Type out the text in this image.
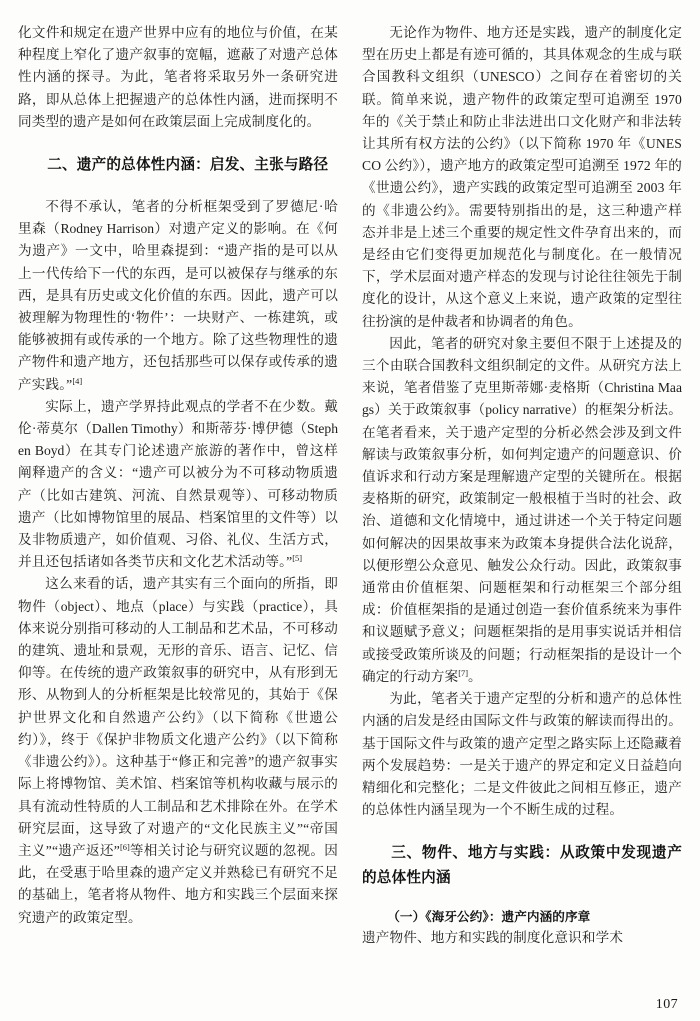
化文件和规定在遗产世界中应有的地位与价值，在某种程度上窄化了遗产叙事的宽幅，遮蔽了对遗产总体性内涵的探寻。为此，笔者将采取另外一条研究进路，即从总体上把握遗产的总体性内涵，进而探明不同类型的遗产是如何在政策层面上完成制度化的。

二、遗产的总体性内涵：启发、主张与路径

不得不承认，笔者的分析框架受到了罗德尼·哈里森（Rodney Harrison）对遗产定义的影响。在《何为遗产》一文中，哈里森提到：“遗产指的是可以从上一代传给下一代的东西，是可以被保存与继承的东西，是具有历史或文化价值的东西。因此，遗产可以被理解为物理性的‘物件’：一块财产、一栋建筑，或能够被拥有或传承的一个地方。除了这些物理性的遗产物件和遗产地方，还包括那些可以保存或传承的遗产实践。”[4]

实际上，遗产学界持此观点的学者不在少数。戴伦·蒂莫尔（Dallen Timothy）和斯蒂芬·博伊德（Stephen Boyd）在其专门论述遗产旅游的著作中，曾这样阐释遗产的含义：“遗产可以被分为不可移动物质遗产（比如古建筑、河流、自然景观等）、可移动物质遗产（比如博物馆里的展品、档案馆里的文件等）以及非物质遗产，如价值观、习俗、礼仪、生活方式，并且还包括诸如各类节庆和文化艺术活动等。”[5]

这么来看的话，遗产其实有三个面向的所指，即物件（object）、地点（place）与实践（practice），具体来说分别指可移动的人工制品和艺术品，不可移动的建筑、遗址和景观，无形的音乐、语言、记忆、信仰等。在传统的遗产政策叙事的研究中，从有形到无形、从物到人的分析框架是比较常见的，其始于《保护世界文化和自然遗产公约》（以下简称《世遗公约）》，终于《保护非物质文化遗产公约》（以下简称《非遗公约》）。这种基于“修正和完善”的遗产叙事实际上将博物馆、美术馆、档案馆等机构收藏与展示的具有流动性特质的人工制品和艺术排除在外。在学术研究层面，这导致了对遗产的“文化民族主义”“帝国主义”“遗产返还”[6]等相关讨论与研究议题的忽视。因此，在受惠于哈里森的遗产定义并熟稔已有研究不足的基础上，笔者将从物件、地方和实践三个层面来探究遗产的政策定型。

无论作为物件、地方还是实践，遗产的制度化定型在历史上都是有迹可循的，其具体观念的生成与联合国教科文组织（UNESCO）之间存在着密切的关联。简单来说，遗产物件的政策定型可追溯至 1970 年的《关于禁止和防止非法进出口文化财产和非法转让其所有权方法的公约》（以下简称 1970 年《UNESCO 公约》），遗产地方的政策定型可追溯至 1972 年的《世遗公约》，遗产实践的政策定型可追溯至 2003 年的《非遗公约》。需要特别指出的是，这三种遗产样态并非是上述三个重要的规定性文件孕育出来的，而是经由它们变得更加规范化与制度化。在一般情况下，学术层面对遗产样态的发现与讨论往往领先于制度化的设计，从这个意义上来说，遗产政策的定型往往扮演的是仲裁者和协调者的角色。

因此，笔者的研究对象主要但不限于上述提及的三个由联合国教科文组织制定的文件。从研究方法上来说，笔者借鉴了克里斯蒂娜·麦格斯（Christina Maags）关于政策叙事（policy narrative）的框架分析法。在笔者看来，关于遗产定型的分析必然会涉及到文件解读与政策叙事分析，如何判定遗产的问题意识、价值诉求和行动方案是理解遗产定型的关键所在。根据麦格斯的研究，政策制定一般根植于当时的社会、政治、道德和文化情境中，通过讲述一个关于特定问题如何解决的因果故事来为政策本身提供合法化说辞，以便形塑公众意见、触发公众行动。因此，政策叙事通常由价值框架、问题框架和行动框架三个部分组成：价值框架指的是通过创造一套价值系统来为事件和议题赋予意义；问题框架指的是用事实说话并相信或接受政策所谈及的问题；行动框架指的是设计一个确定的行动方案[7]。

为此，笔者关于遗产定型的分析和遗产的总体性内涵的启发是经由国际文件与政策的解读而得出的。基于国际文件与政策的遗产定型之路实际上还隐藏着两个发展趋势：一是关于遗产的界定和定义日益趋向精细化和完整化；二是文件彼此之间相互修正，遗产的总体性内涵呈现为一个不断生成的过程。

三、物件、地方与实践：从政策中发现遗产的总体性内涵
（一）《海牙公约》：遗产内涵的序章

遗产物件、地方和实践的制度化意识和学术

107
